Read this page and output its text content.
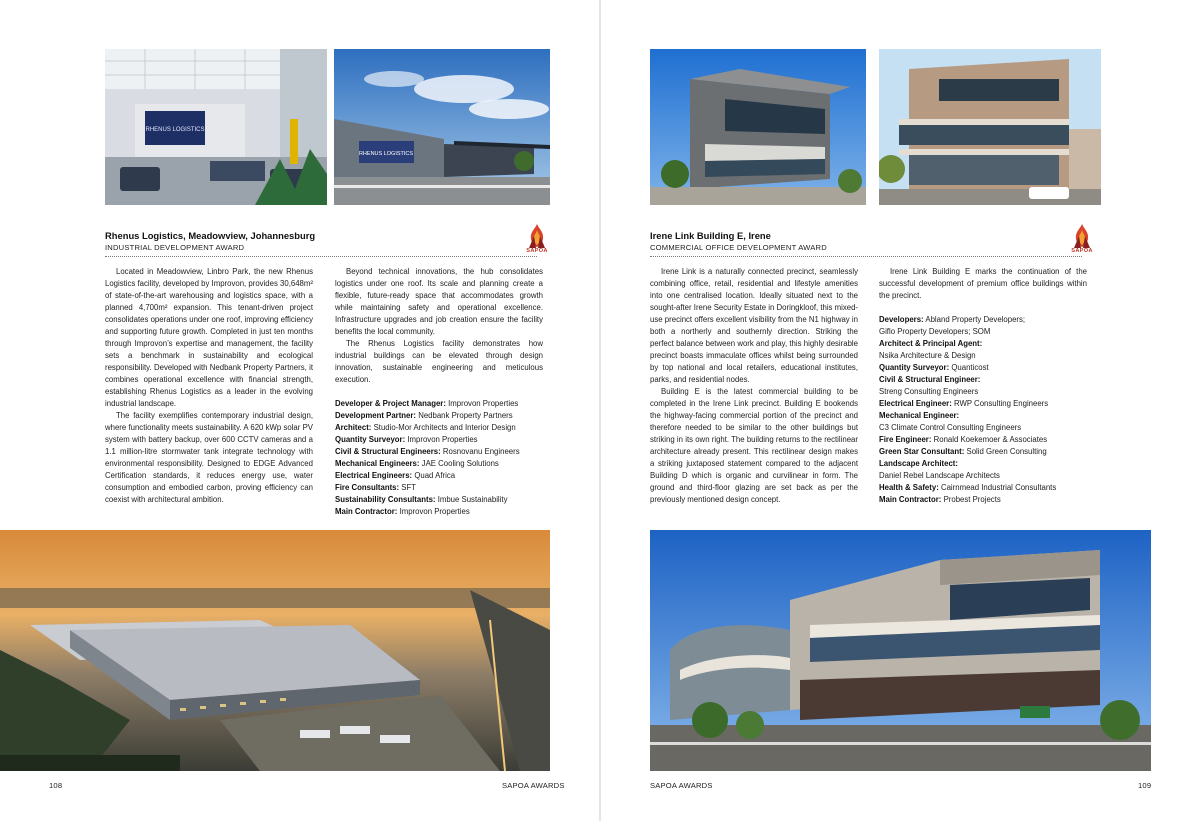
RHENUS LOGISTICS
RHENUS LOGISTICS
Rhenus Logistics, Meadowview, Johannesburg
INDUSTRIAL DEVELOPMENT AWARD	SAPOA

Located in Meadowview, Linbro Park, the new Rhenus Logistics facility, developed by Improvon, provides 30,648m² of state-of-the-art warehousing and logistics space, with a planned 4,700m² expansion. This tenant-driven project consolidates operations under one roof, improving efficiency and supporting future growth. Completed in just ten months through Improvon’s expertise and management, the facility sets a benchmark in sustainability and ecological responsibility. Developed with Nedbank Property Partners, it combines operational excellence with financial strength, establishing Rhenus Logistics as a leader in the evolving industrial landscape.

The facility exemplifies contemporary industrial design, where functionality meets sustainability. A 620 kWp solar PV system with battery backup, over 600 CCTV cameras and a 1.1 million-litre stormwater tank integrate technology with environmental responsibility. Designed to EDGE Advanced Certification standards, it reduces energy use, water consumption and embodied carbon, proving efficiency can coexist with architectural ambition.

Beyond technical innovations, the hub consolidates logistics under one roof. Its scale and planning create a flexible, future-ready space that accommodates growth while maintaining safety and operational excellence. Infrastructure upgrades and job creation ensure the facility benefits the local community.

The Rhenus Logistics facility demonstrates how industrial buildings can be elevated through design innovation, sustainable engineering and meticulous execution.

Developer & Project Manager: Improvon Properties
Development Partner: Nedbank Property Partners
Architect: Studio-Mor Architects and Interior Design
Quantity Surveyor: Improvon Properties
Civil & Structural Engineers: Rosnovanu Engineers
Mechanical Engineers: JAE Cooling Solutions
Electrical Engineers: Quad Africa
Fire Consultants: SFT
Sustainability Consultants: Imbue Sustainability
Main Contractor: Improvon Properties
108	SAPOA AWARDS
Irene Link Building E, Irene
COMMERCIAL OFFICE DEVELOPMENT AWARD	SAPOA

Irene Link is a naturally connected precinct, seamlessly combining office, retail, residential and lifestyle amenities into one centralised location. Ideally situated next to the sought-after Irene Security Estate in Doringkloof, this mixed-use precinct offers excellent visibility from the N1 highway in both a northerly and southernly direction. Striking the perfect balance between work and play, this highly desirable precinct boasts immaculate offices whilst being surrounded by top national and local retailers, educational institutes, parks, and residential nodes.

Building E is the latest commercial building to be completed in the Irene Link precinct. Building E bookends the highway-facing commercial portion of the precinct and therefore needed to be similar to the other buildings but striking in its own right. The building returns to the rectilinear architecture already present. This rectilinear design makes a striking juxtaposed statement compared to the adjacent Building D which is organic and curvilinear in form. The ground and third-floor glazing are set back as per the previously mentioned design concept.

Irene Link Building E marks the continuation of the successful development of premium office buildings within the precinct.

Developers: Abland Property Developers;
Giflo Property Developers; SOM
Architect & Principal Agent:
Nsika Architecture & Design
Quantity Surveyor: Quanticost
Civil & Structural Engineer:
Streng Consulting Engineers
Electrical Engineer: RWP Consulting Engineers
Mechanical Engineer:
C3 Climate Control Consulting Engineers
Fire Engineer: Ronald Koekemoer & Associates
Green Star Consultant: Solid Green Consulting
Landscape Architect:
Daniel Rebel Landscape Architects
Health & Safety: Cairnmead Industrial Consultants
Main Contractor: Probest Projects
SAPOA AWARDS	109
